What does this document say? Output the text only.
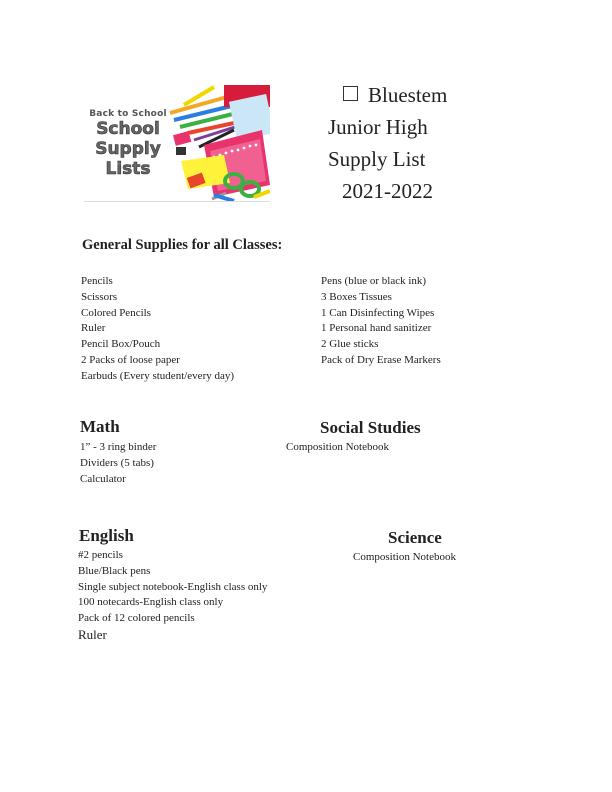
Back to School
School
Supply
Lists
Bluestem
Junior High
Supply List
2021-2022
General Supplies for all Classes:
Pencils
Scissors
Colored Pencils
Ruler
Pencil Box/Pouch
2 Packs of loose paper
Earbuds (Every student/every day)
Pens (blue or black ink)
3 Boxes Tissues
1 Can Disinfecting Wipes
1 Personal hand sanitizer
2 Glue sticks
Pack of Dry Erase Markers
Math
1” - 3 ring binder
Dividers (5 tabs)
Calculator
Social Studies
Composition Notebook
English
#2 pencils
Blue/Black pens
Single subject notebook-English class only
100 notecards-English class only
Pack of 12 colored pencils
Ruler
Science
Composition Notebook
